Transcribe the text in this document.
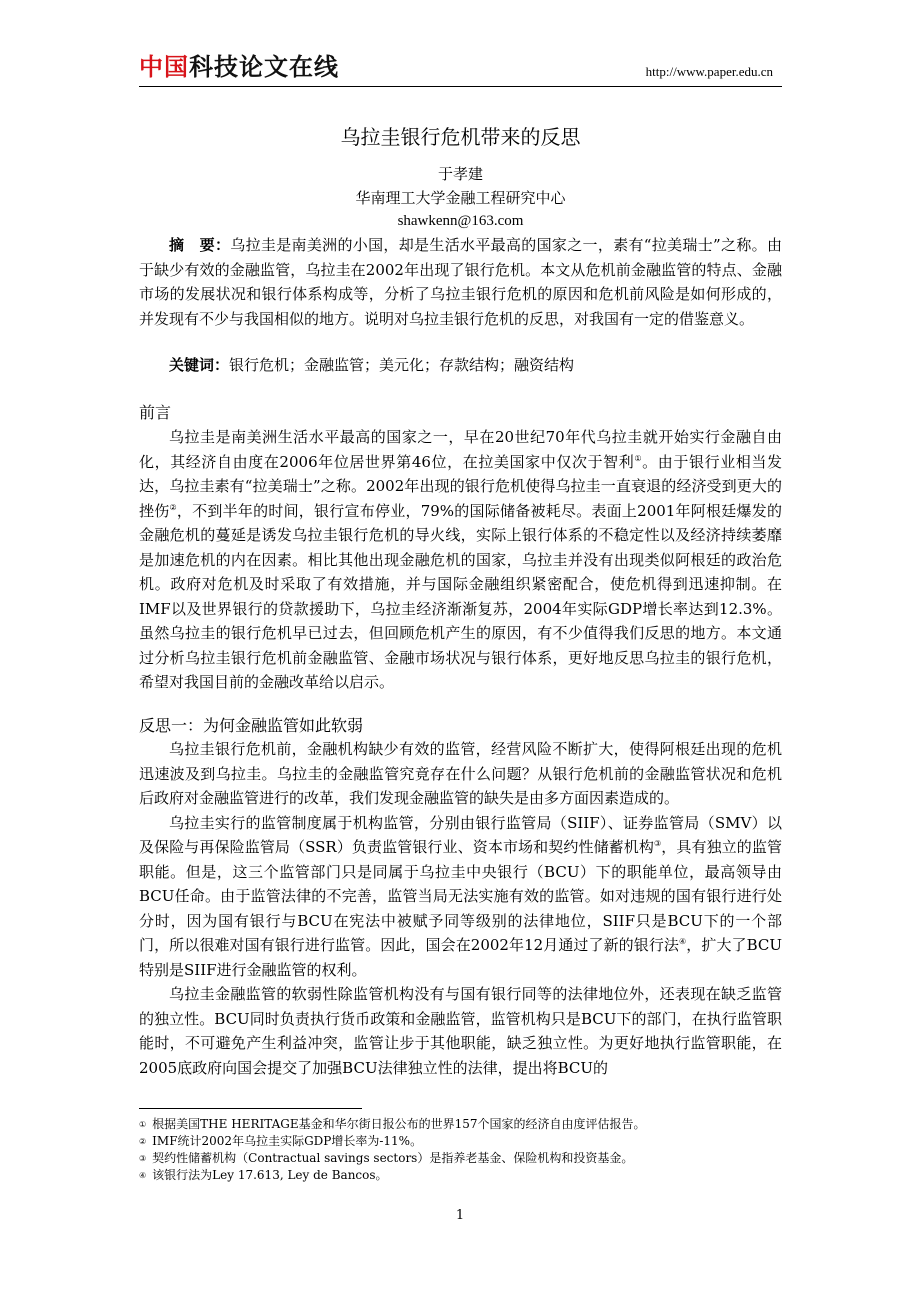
中国科技论文在线	http://www.paper.edu.cn
乌拉圭银行危机带来的反思
于孝建
华南理工大学金融工程研究中心
shawkenn@163.com
摘　要：乌拉圭是南美洲的小国，却是生活水平最高的国家之一，素有“拉美瑞士”之称。由于缺少有效的金融监管，乌拉圭在2002年出现了银行危机。本文从危机前金融监管的特点、金融市场的发展状况和银行体系构成等，分析了乌拉圭银行危机的原因和危机前风险是如何形成的，并发现有不少与我国相似的地方。说明对乌拉圭银行危机的反思，对我国有一定的借鉴意义。
关键词：银行危机；金融监管；美元化；存款结构；融资结构
前言
乌拉圭是南美洲生活水平最高的国家之一，早在20世纪70年代乌拉圭就开始实行金融自由化，其经济自由度在2006年位居世界第46位，在拉美国家中仅次于智利①。由于银行业相当发达，乌拉圭素有“拉美瑞士”之称。2002年出现的银行危机使得乌拉圭一直衰退的经济受到更大的挫伤②，不到半年的时间，银行宣布停业，79%的国际储备被耗尽。表面上2001年阿根廷爆发的金融危机的蔓延是诱发乌拉圭银行危机的导火线，实际上银行体系的不稳定性以及经济持续萎靡是加速危机的内在因素。相比其他出现金融危机的国家，乌拉圭并没有出现类似阿根廷的政治危机。政府对危机及时采取了有效措施，并与国际金融组织紧密配合，使危机得到迅速抑制。在IMF以及世界银行的贷款援助下，乌拉圭经济渐渐复苏，2004年实际GDP增长率达到12.3%。虽然乌拉圭的银行危机早已过去，但回顾危机产生的原因，有不少值得我们反思的地方。本文通过分析乌拉圭银行危机前金融监管、金融市场状况与银行体系，更好地反思乌拉圭的银行危机，希望对我国目前的金融改革给以启示。
反思一：为何金融监管如此软弱
乌拉圭银行危机前，金融机构缺少有效的监管，经营风险不断扩大，使得阿根廷出现的危机迅速波及到乌拉圭。乌拉圭的金融监管究竟存在什么问题？从银行危机前的金融监管状况和危机后政府对金融监管进行的改革，我们发现金融监管的缺失是由多方面因素造成的。
乌拉圭实行的监管制度属于机构监管，分别由银行监管局（SIIF）、证券监管局（SMV）以及保险与再保险监管局（SSR）负责监管银行业、资本市场和契约性储蓄机构③，具有独立的监管职能。但是，这三个监管部门只是同属于乌拉圭中央银行（BCU）下的职能单位，最高领导由BCU任命。由于监管法律的不完善，监管当局无法实施有效的监管。如对违规的国有银行进行处分时，因为国有银行与BCU在宪法中被赋予同等级别的法律地位，SIIF只是BCU下的一个部门，所以很难对国有银行进行监管。因此，国会在2002年12月通过了新的银行法④，扩大了BCU特别是SIIF进行金融监管的权利。
乌拉圭金融监管的软弱性除监管机构没有与国有银行同等的法律地位外，还表现在缺乏监管的独立性。BCU同时负责执行货币政策和金融监管，监管机构只是BCU下的部门，在执行监管职能时，不可避免产生利益冲突，监管让步于其他职能，缺乏独立性。为更好地执行监管职能，在2005底政府向国会提交了加强BCU法律独立性的法律，提出将BCU的
① 根据美国THE HERITAGE基金和华尔街日报公布的世界157个国家的经济自由度评估报告。
② IMF统计2002年乌拉圭实际GDP增长率为-11%。
③ 契约性储蓄机构（Contractual savings sectors）是指养老基金、保险机构和投资基金。
④ 该银行法为Ley 17.613, Ley de Bancos。
1
